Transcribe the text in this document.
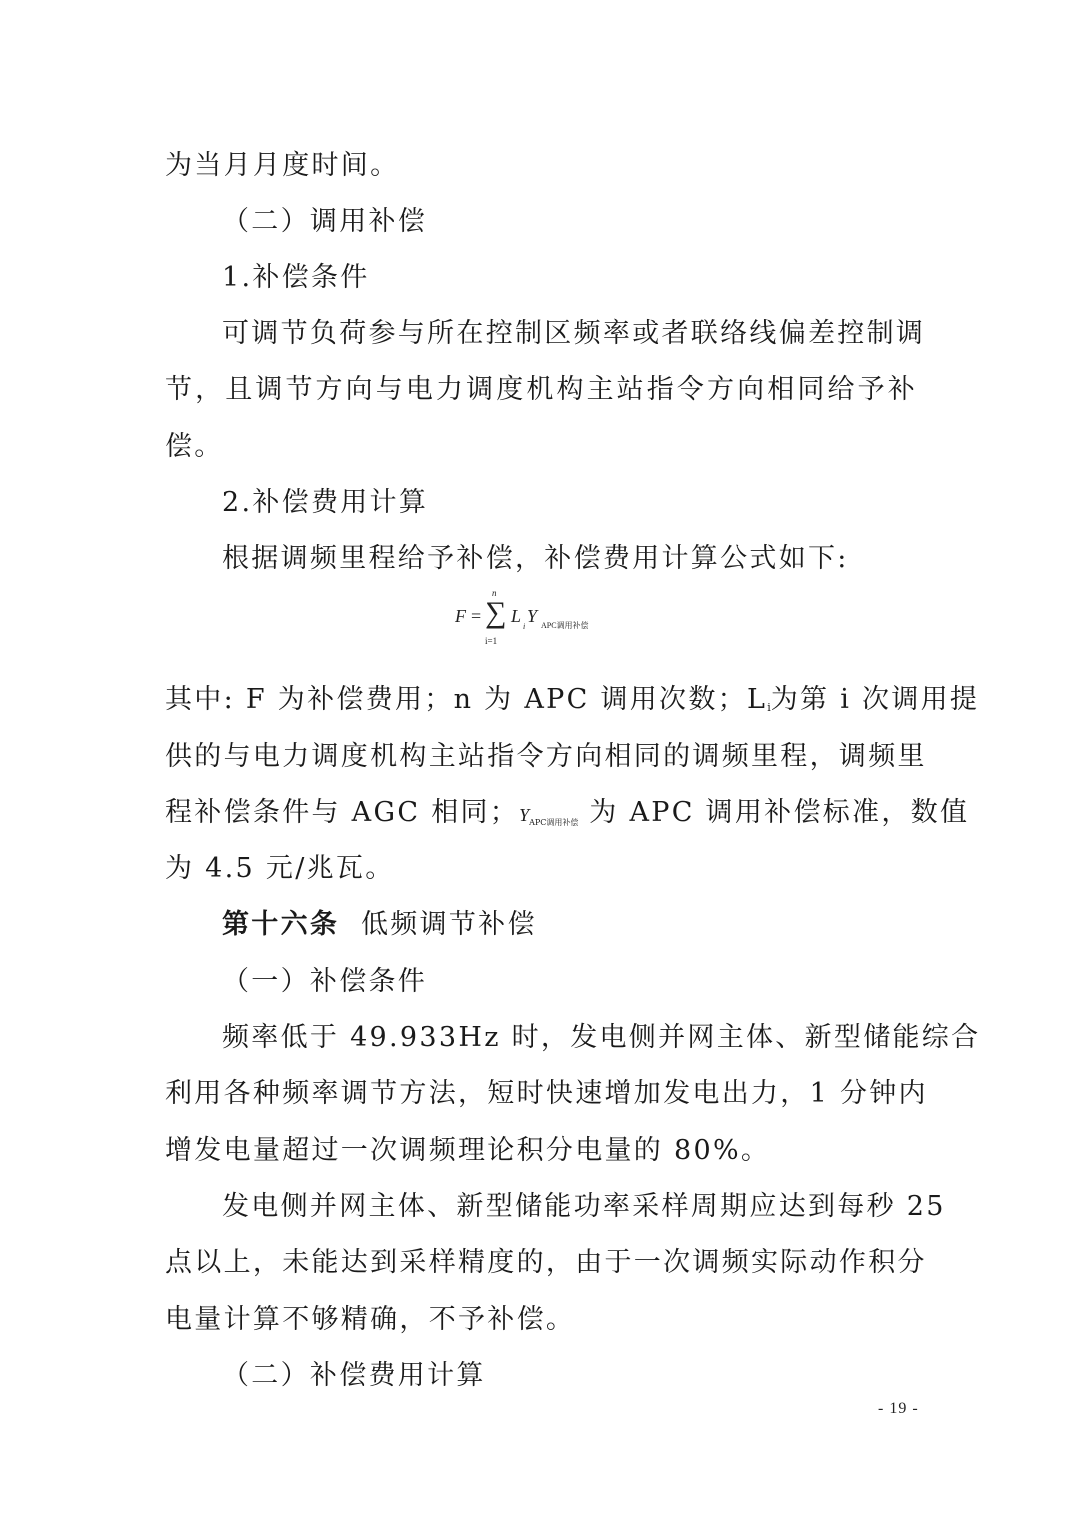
为当月月度时间。
（二）调用补偿
1.补偿条件
可调节负荷参与所在控制区频率或者联络线偏差控制调
节，且调节方向与电力调度机构主站指令方向相同给予补
偿。
2.补偿费用计算
根据调频里程给予补偿，补偿费用计算公式如下:
F =
n
∑
i=1
L
i
Y APC调用补偿
其中: F 为补偿费用；n 为 APC 调用次数；$L_i$为第 i 次调用提
供的与电力调度机构主站指令方向相同的调频里程，调频里
程补偿条件与 AGC 相同；YAPC调用补偿 为 APC 调用补偿标准，数值
为 4.5 元/兆瓦。
第十六条  低频调节补偿
（一）补偿条件
频率低于 49.933Hz 时，发电侧并网主体、新型储能综合
利用各种频率调节方法，短时快速增加发电出力，1 分钟内
增发电量超过一次调频理论积分电量的 80%。
发电侧并网主体、新型储能功率采样周期应达到每秒 25
点以上，未能达到采样精度的，由于一次调频实际动作积分
电量计算不够精确，不予补偿。
（二）补偿费用计算
- 19 -
